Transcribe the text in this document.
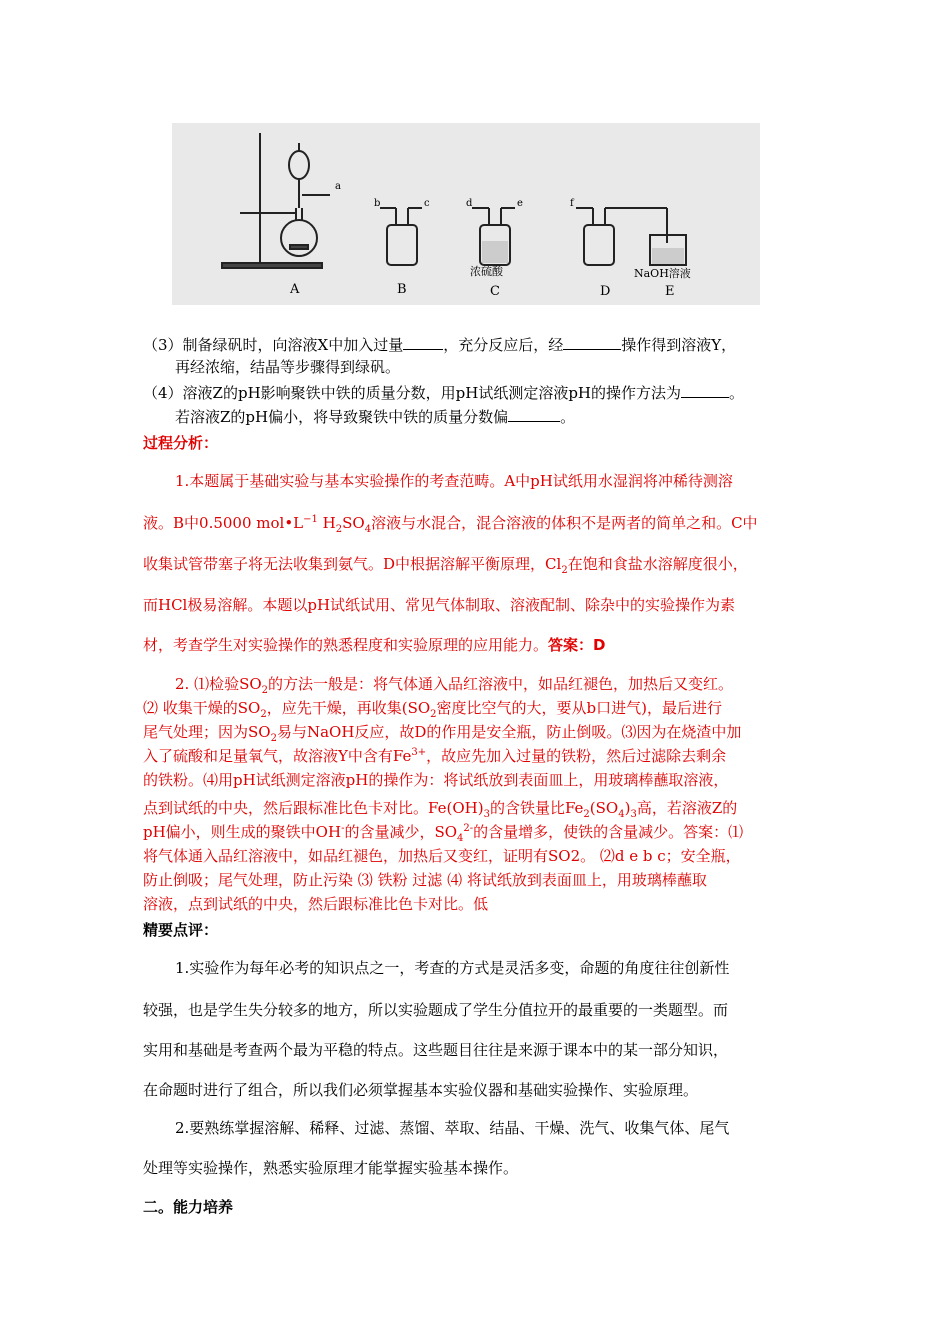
a
A
b	c
B
d	e
浓硫酸
C
f
NaOH溶液
D	E
（3）制备绿矾时，向溶液X中加入过量	，充分反应后，经	操作得到溶液Y，
再经浓缩，结晶等步骤得到绿矾。
（4）溶液Z的pH影响聚铁中铁的质量分数，用pH试纸测定溶液pH的操作方法为	。
若溶液Z的pH偏小，将导致聚铁中铁的质量分数偏	。
过程分析：
1.本题属于基础实验与基本实验操作的考查范畴。A中pH试纸用水湿润将冲稀待测溶
液。B中0.5000 $mol•L^{-1}$ $H_2SO_4$溶液与水混合，混合溶液的体积不是两者的简单之和。C中
收集试管带塞子将无法收集到氨气。D中根据溶解平衡原理，$Cl_2$在饱和食盐水溶解度很小，
而HCl极易溶解。本题以pH试纸试用、常见气体制取、溶液配制、除杂中的实验操作为素
材，考查学生对实验操作的熟悉程度和实验原理的应用能力。答案：D
2. ⑴检验$SO_2$的方法一般是：将气体通入品红溶液中，如品红褪色，加热后又变红。
⑵ 收集干燥的$SO_2$，应先干燥，再收集($SO_2$密度比空气的大，要从b口进气)，最后进行
尾气处理；因为$SO_2$易与NaOH反应，故D的作用是安全瓶，防止倒吸。⑶因为在烧渣中加
入了硫酸和足量氧气，故溶液Y中含有$Fe^{3+}$，故应先加入过量的铁粉，然后过滤除去剩余
的铁粉。⑷用pH试纸测定溶液pH的操作为：将试纸放到表面皿上，用玻璃棒蘸取溶液，
点到试纸的中央，然后跟标准比色卡对比。$Fe(OH)_3$的含铁量比$Fe_2(SO_4)_3$高，若溶液Z的
pH偏小，则生成的聚铁中OH-的含量减少，$SO_4^{2-}$的含量增多，使铁的含量减少。答案：⑴
将气体通入品红溶液中，如品红褪色，加热后又变红，证明有SO2。 ⑵d e b c；安全瓶，
防止倒吸；尾气处理，防止污染 ⑶ 铁粉 过滤 ⑷ 将试纸放到表面皿上，用玻璃棒蘸取
溶液，点到试纸的中央，然后跟标准比色卡对比。低
精要点评：
1.实验作为每年必考的知识点之一，考查的方式是灵活多变，命题的角度往往创新性
较强，也是学生失分较多的地方，所以实验题成了学生分值拉开的最重要的一类题型。而
实用和基础是考查两个最为平稳的特点。这些题目往往是来源于课本中的某一部分知识，
在命题时进行了组合，所以我们必须掌握基本实验仪器和基础实验操作、实验原理。
2.要熟练掌握溶解、稀释、过滤、蒸馏、萃取、结晶、干燥、洗气、收集气体、尾气
处理等实验操作，熟悉实验原理才能掌握实验基本操作。
二。能力培养
